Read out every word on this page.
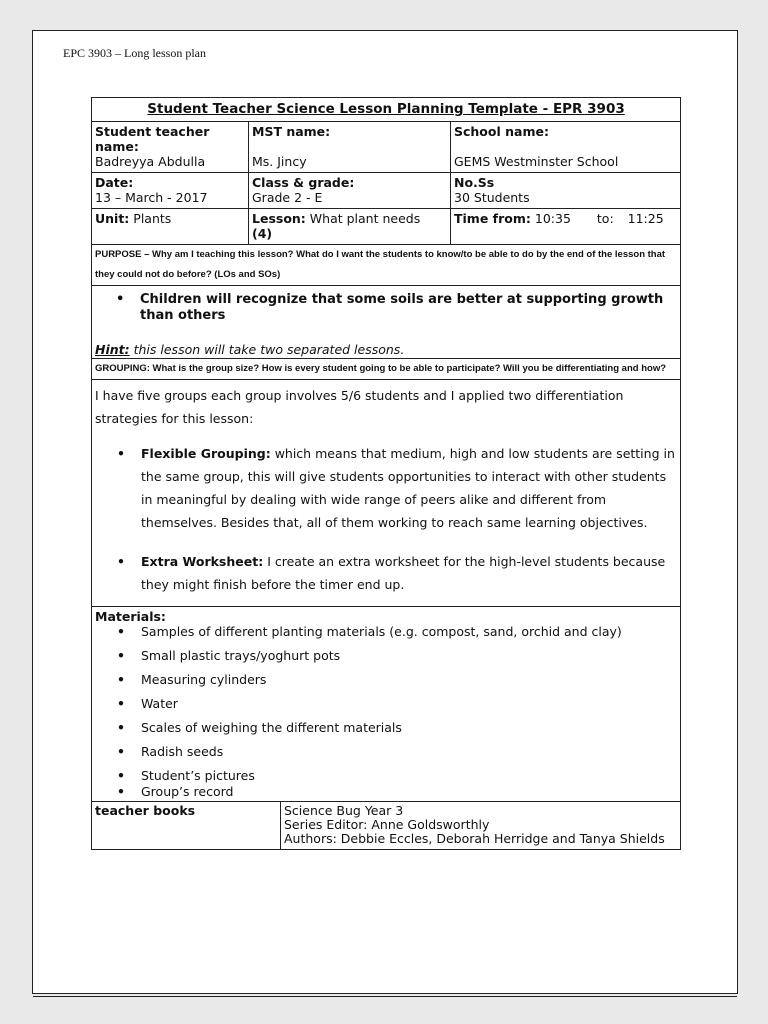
EPC 3903 – Long lesson plan
Student Teacher Science Lesson Planning Template - EPR 3903
Student teacher name:
Badreyya Abdulla
MST name:
Ms. Jincy
School name:
GEMS Westminster School
Date:
13 – March - 2017
Class & grade:
Grade 2 - E
No.Ss
30 Students
Unit: Plants	Lesson: What plant needs
(4)
Time from: 10:35 to: 11:25
PURPOSE – Why am I teaching this lesson? What do I want the students to know/to be able to do by the end of the lesson that they could not do before? (LOs and SOs)
• Children will recognize that some soils are better at supporting growth than others
Hint: this lesson will take two separated lessons.
GROUPING: What is the group size? How is every student going to be able to participate? Will you be differentiating and how?
I have five groups each group involves 5/6 students and I applied two differentiation strategies for this lesson:
• Flexible Grouping: which means that medium, high and low students are setting in the same group, this will give students opportunities to interact with other students in meaningful by dealing with wide range of peers alike and different from themselves. Besides that, all of them working to reach same learning objectives.
• Extra Worksheet: I create an extra worksheet for the high-level students because they might finish before the timer end up.
Materials:
• Samples of different planting materials (e.g. compost, sand, orchid and clay)
• Small plastic trays/yoghurt pots
• Measuring cylinders
• Water
• Scales of weighing the different materials
• Radish seeds
• Student’s pictures
• Group’s record
teacher books	Science Bug Year 3
Series Editor: Anne Goldsworthly
Authors: Debbie Eccles, Deborah Herridge and Tanya Shields
